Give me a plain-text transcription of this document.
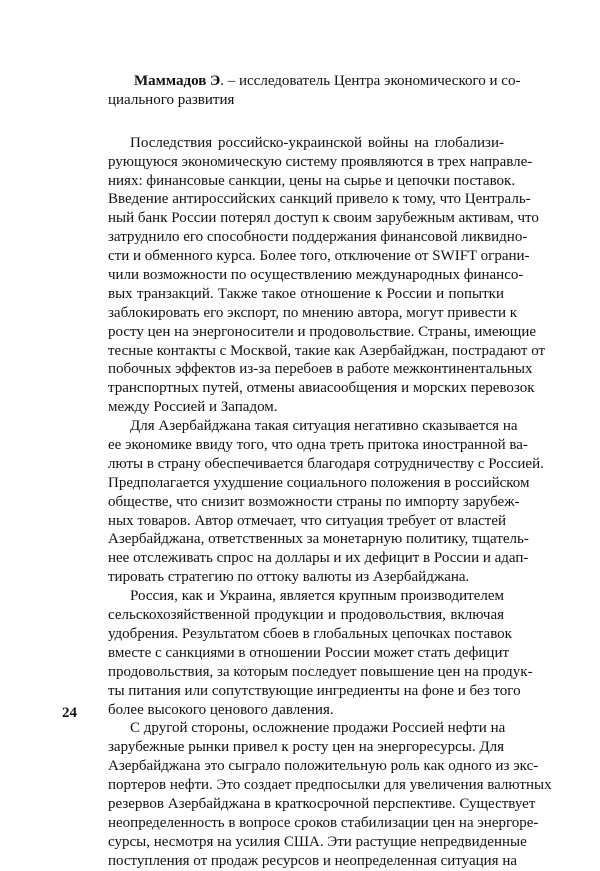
Маммадов Э. – исследователь Центра экономического и со-
циального развития
Последствия российско-украинской войны на глобализи-
рующуюся экономическую систему проявляются в трех направле-
ниях: финансовые санкции, цены на сырье и цепочки поставок.
Введение антироссийских санкций привело к тому, что Централь-
ный банк России потерял доступ к своим зарубежным активам, что
затруднило его способности поддержания финансовой ликвидно-
сти и обменного курса. Более того, отключение от SWIFT ограни-
чили возможности по осуществлению международных финансо-
вых транзакций. Также такое отношение к России и попытки
заблокировать его экспорт, по мнению автора, могут привести к
росту цен на энергоносители и продовольствие. Страны, имеющие
тесные контакты с Москвой, такие как Азербайджан, пострадают от
побочных эффектов из-за перебоев в работе межконтинентальных
транспортных путей, отмены авиасообщения и морских перевозок
между Россией и Западом.
Для Азербайджана такая ситуация негативно сказывается на
ее экономике ввиду того, что одна треть притока иностранной ва-
люты в страну обеспечивается благодаря сотрудничеству с Россией.
Предполагается ухудшение социального положения в российском
обществе, что снизит возможности страны по импорту зарубеж-
ных товаров. Автор отмечает, что ситуация требует от властей
Азербайджана, ответственных за монетарную политику, тщатель-
нее отслеживать спрос на доллары и их дефицит в России и адап-
тировать стратегию по оттоку валюты из Азербайджана.
Россия, как и Украина, является крупным производителем
сельскохозяйственной продукции и продовольствия, включая
удобрения. Результатом сбоев в глобальных цепочках поставок
вместе с санкциями в отношении России может стать дефицит
продовольствия, за которым последует повышение цен на продук-
ты питания или сопутствующие ингредиенты на фоне и без того
более высокого ценового давления.
С другой стороны, осложнение продажи Россией нефти на
зарубежные рынки привел к росту цен на энергоресурсы. Для
Азербайджана это сыграло положительную роль как одного из экс-
портеров нефти. Это создает предпосылки для увеличения валютных
резервов Азербайджана в краткосрочной перспективе. Существует
неопределенность в вопросе сроков стабилизации цен на энергоре-
сурсы, несмотря на усилия США. Эти растущие непредвиденные
поступления от продаж ресурсов и неопределенная ситуация на
24
